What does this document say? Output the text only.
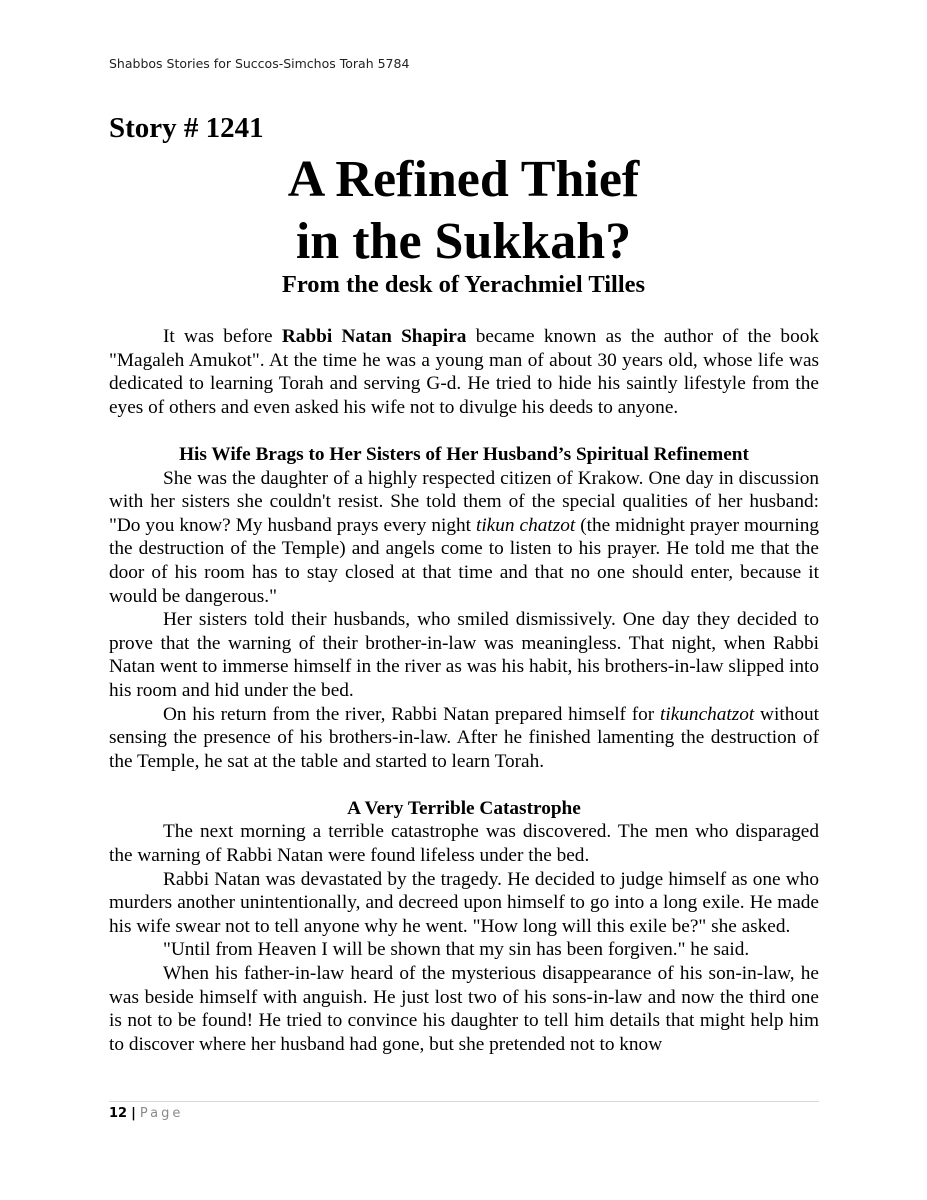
Shabbos Stories for Succos-Simchos Torah 5784
Story # 1241
A Refined Thief
in the Sukkah?
From the desk of Yerachmiel Tilles

It was before Rabbi Natan Shapira became known as the author of the book "Magaleh Amukot". At the time he was a young man of about 30 years old, whose life was dedicated to learning Torah and serving G-d. He tried to hide his saintly lifestyle from the eyes of others and even asked his wife not to divulge his deeds to anyone.

His Wife Brags to Her Sisters of Her Husband’s Spiritual Refinement

She was the daughter of a highly respected citizen of Krakow. One day in discussion with her sisters she couldn't resist. She told them of the special qualities of her husband: "Do you know? My husband prays every night tikun chatzot (the midnight prayer mourning the destruction of the Temple) and angels come to listen to his prayer. He told me that the door of his room has to stay closed at that time and that no one should enter, because it would be dangerous."

Her sisters told their husbands, who smiled dismissively. One day they decided to prove that the warning of their brother-in-law was meaningless. That night, when Rabbi Natan went to immerse himself in the river as was his habit, his brothers-in-law slipped into his room and hid under the bed.

On his return from the river, Rabbi Natan prepared himself for tikunchatzot without sensing the presence of his brothers-in-law. After he finished lamenting the destruction of the Temple, he sat at the table and started to learn Torah.

A Very Terrible Catastrophe

The next morning a terrible catastrophe was discovered. The men who disparaged the warning of Rabbi Natan were found lifeless under the bed.

Rabbi Natan was devastated by the tragedy. He decided to judge himself as one who murders another unintentionally, and decreed upon himself to go into a long exile. He made his wife swear not to tell anyone why he went. "How long will this exile be?" she asked.

"Until from Heaven I will be shown that my sin has been forgiven." he said.

When his father-in-law heard of the mysterious disappearance of his son-in-law, he was beside himself with anguish. He just lost two of his sons-in-law and now the third one is not to be found! He tried to convince his daughter to tell him details that might help him to discover where her husband had gone, but she pretended not to know

12 | Page
